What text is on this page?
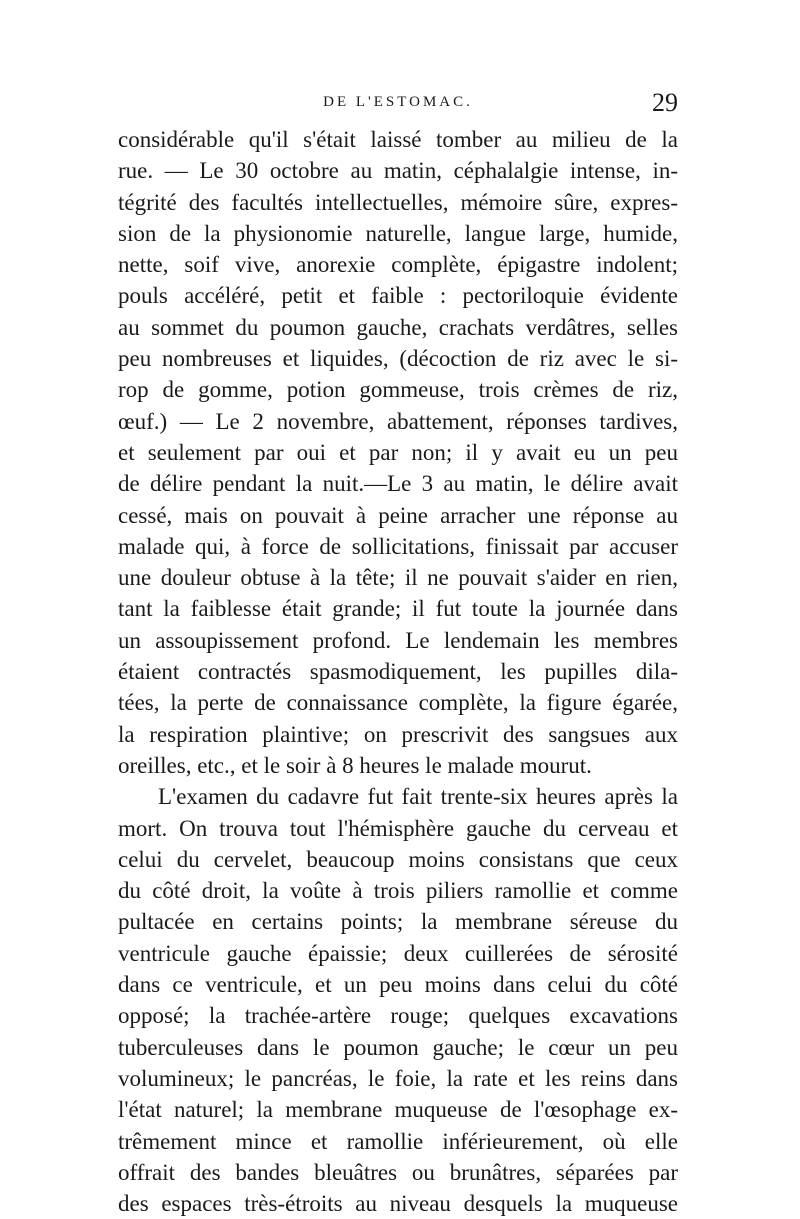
DE L'ESTOMAC.	29
considérable qu'il s'était laissé tomber au milieu de la
rue. — Le 30 octobre au matin, céphalalgie intense, in-
tégrité des facultés intellectuelles, mémoire sûre, expres-
sion de la physionomie naturelle, langue large, humide,
nette, soif vive, anorexie complète, épigastre indolent;
pouls accéléré, petit et faible : pectoriloquie évidente
au sommet du poumon gauche, crachats verdâtres, selles
peu nombreuses et liquides, (décoction de riz avec le si-
rop de gomme, potion gommeuse, trois crèmes de riz,
œuf.) — Le 2 novembre, abattement, réponses tardives,
et seulement par oui et par non; il y avait eu un peu
de délire pendant la nuit.—Le 3 au matin, le délire avait
cessé, mais on pouvait à peine arracher une réponse au
malade qui, à force de sollicitations, finissait par accuser
une douleur obtuse à la tête; il ne pouvait s'aider en rien,
tant la faiblesse était grande; il fut toute la journée dans
un assoupissement profond. Le lendemain les membres
étaient contractés spasmodiquement, les pupilles dila-
tées, la perte de connaissance complète, la figure égarée,
la respiration plaintive; on prescrivit des sangsues aux
oreilles, etc., et le soir à 8 heures le malade mourut.
L'examen du cadavre fut fait trente-six heures après la
mort. On trouva tout l'hémisphère gauche du cerveau et
celui du cervelet, beaucoup moins consistans que ceux
du côté droit, la voûte à trois piliers ramollie et comme
pultacée en certains points; la membrane séreuse du
ventricule gauche épaissie; deux cuillerées de sérosité
dans ce ventricule, et un peu moins dans celui du côté
opposé; la trachée-artère rouge; quelques excavations
tuberculeuses dans le poumon gauche; le cœur un peu
volumineux; le pancréas, le foie, la rate et les reins dans
l'état naturel; la membrane muqueuse de l'œsophage ex-
trêmement mince et ramollie inférieurement, où elle
offrait des bandes bleuâtres ou brunâtres, séparées par
des espaces très-étroits au niveau desquels la muqueuse
